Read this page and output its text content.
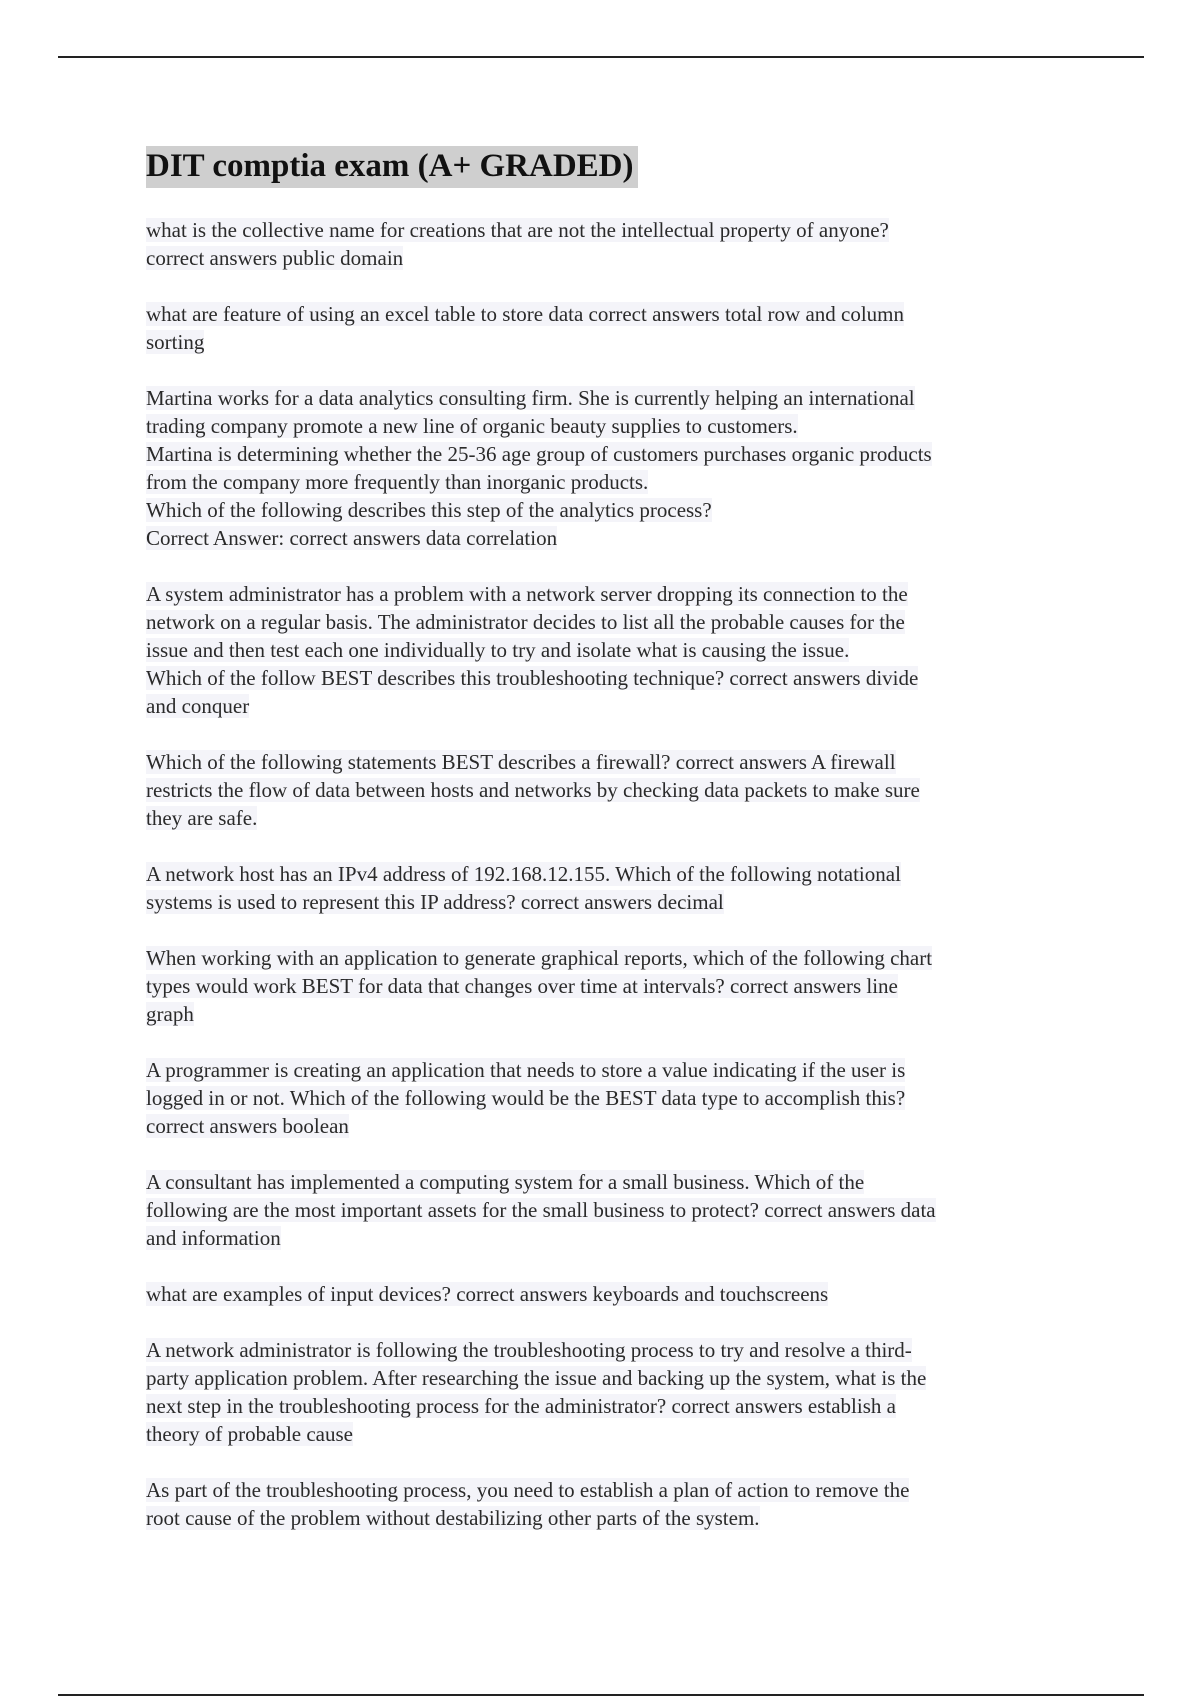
DIT comptia exam (A+ GRADED)
what is the collective name for creations that are not the intellectual property of anyone?
correct answers public domain
what are feature of using an excel table to store data correct answers total row and column
sorting
Martina works for a data analytics consulting firm. She is currently helping an international
trading company promote a new line of organic beauty supplies to customers.
Martina is determining whether the 25-36 age group of customers purchases organic products
from the company more frequently than inorganic products.
Which of the following describes this step of the analytics process?
Correct Answer: correct answers data correlation
A system administrator has a problem with a network server dropping its connection to the
network on a regular basis. The administrator decides to list all the probable causes for the
issue and then test each one individually to try and isolate what is causing the issue.
Which of the follow BEST describes this troubleshooting technique? correct answers divide
and conquer
Which of the following statements BEST describes a firewall? correct answers A firewall
restricts the flow of data between hosts and networks by checking data packets to make sure
they are safe.
A network host has an IPv4 address of 192.168.12.155. Which of the following notational
systems is used to represent this IP address? correct answers decimal
When working with an application to generate graphical reports, which of the following chart
types would work BEST for data that changes over time at intervals? correct answers line
graph
A programmer is creating an application that needs to store a value indicating if the user is
logged in or not. Which of the following would be the BEST data type to accomplish this?
correct answers boolean
A consultant has implemented a computing system for a small business. Which of the
following are the most important assets for the small business to protect? correct answers data
and information
what are examples of input devices? correct answers keyboards and touchscreens
A network administrator is following the troubleshooting process to try and resolve a third-
party application problem. After researching the issue and backing up the system, what is the
next step in the troubleshooting process for the administrator? correct answers establish a
theory of probable cause
As part of the troubleshooting process, you need to establish a plan of action to remove the
root cause of the problem without destabilizing other parts of the system.
